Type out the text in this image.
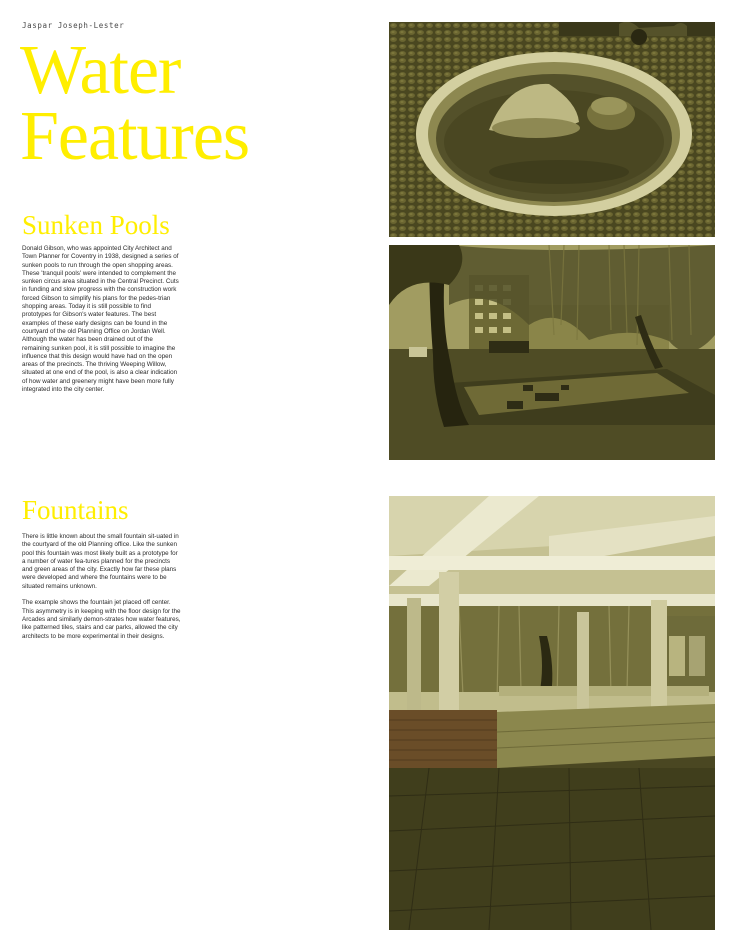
Jaspar Joseph-Lester
Water
Features
Sunken Pools

Donald Gibson, who was appointed City Architect and Town Planner for Coventry in 1938, designed a series of sunken pools to run through the open shopping areas. These 'tranquil pools' were intended to complement the sunken circus area situated in the Central Precinct. Cuts in funding and slow progress with the construction work forced Gibson to simplify his plans for the pedes-trian shopping areas. Today it is still possible to find prototypes for Gibson's water features. The best examples of these early designs can be found in the courtyard of the old Planning Office on Jordan Well. Although the water has been drained out of the remaining sunken pool, it is still possible to imagine the influence that this design would have had on the open areas of the precincts. The thriving Weeping Willow, situated at one end of the pool, is also a clear indication of how water and greenery might have been more fully integrated into the city center.

Fountains

There is little known about the small fountain sit-uated in the courtyard of the old Planning office. Like the sunken pool this fountain was most likely built as a prototype for a number of water fea-tures planned for the precincts and green areas of the city. Exactly how far these plans were developed and where the fountains were to be situated remains unknown.

The example shows the fountain jet placed off center. This asymmetry is in keeping with the floor design for the Arcades and similarly demon-strates how water features, like patterned tiles, stairs and car parks, allowed the city architects to be more experimental in their designs.
